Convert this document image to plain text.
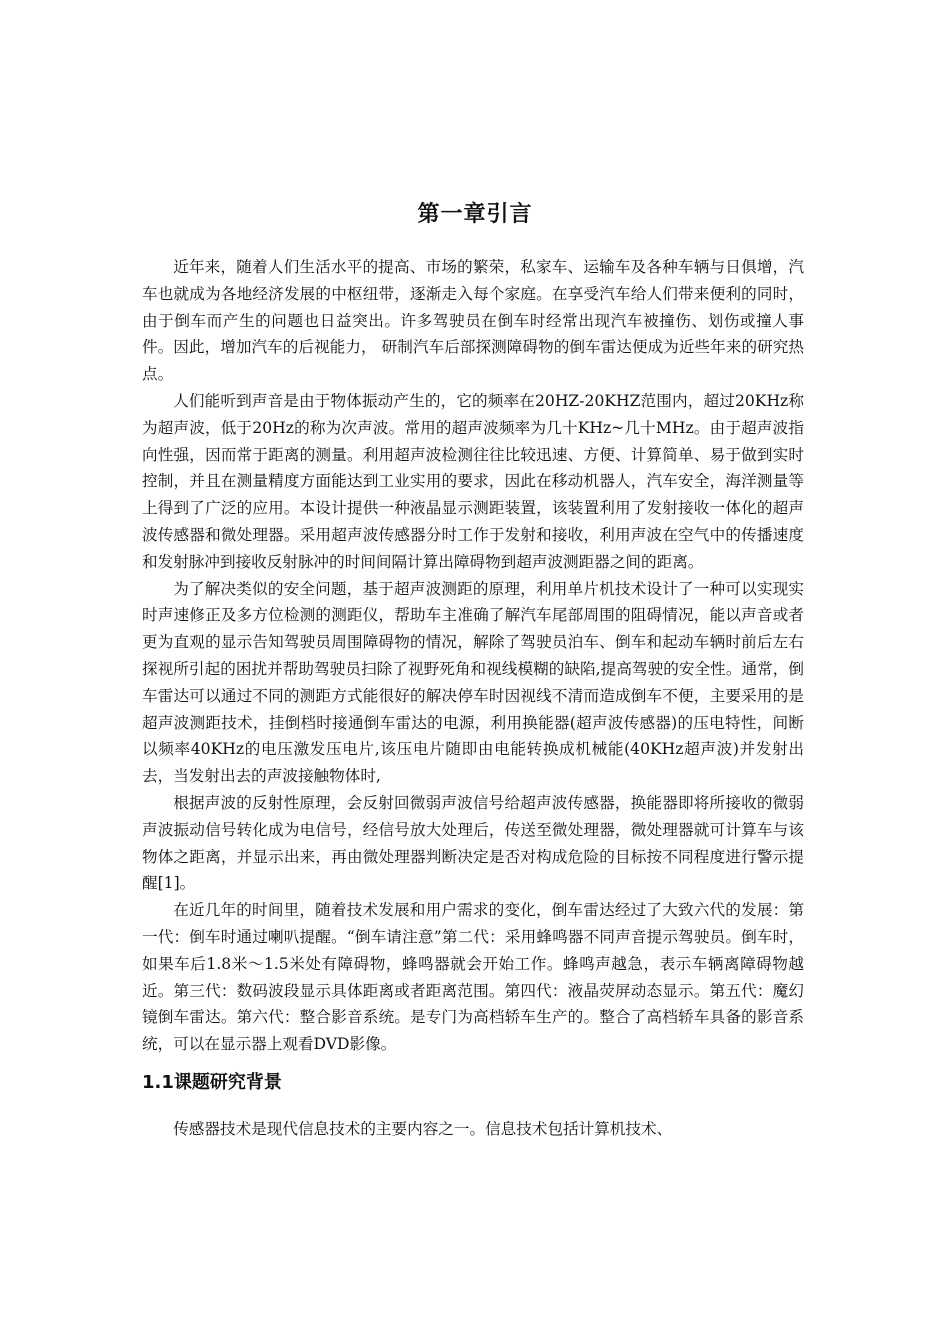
第一章引言

近年来，随着人们生活水平的提高、市场的繁荣，私家车、运输车及各种车辆与日俱增，汽车也就成为各地经济发展的中枢纽带，逐渐走入每个家庭。在享受汽车给人们带来便利的同时，由于倒车而产生的问题也日益突出。许多驾驶员在倒车时经常出现汽车被撞伤、划伤或撞人事件。因此，增加汽车的后视能力， 研制汽车后部探测障碍物的倒车雷达便成为近些年来的研究热点。

人们能听到声音是由于物体振动产生的，它的频率在20HZ-20KHZ范围内，超过20KHz称为超声波，低于20Hz的称为次声波。常用的超声波频率为几十KHz~几十MHz。由于超声波指向性强，因而常于距离的测量。利用超声波检测往往比较迅速、方便、计算简单、易于做到实时控制，并且在测量精度方面能达到工业实用的要求，因此在移动机器人，汽车安全，海洋测量等上得到了广泛的应用。本设计提供一种液晶显示测距装置，该装置利用了发射接收一体化的超声波传感器和微处理器。采用超声波传感器分时工作于发射和接收，利用声波在空气中的传播速度和发射脉冲到接收反射脉冲的时间间隔计算出障碍物到超声波测距器之间的距离。

为了解决类似的安全问题，基于超声波测距的原理，利用单片机技术设计了一种可以实现实时声速修正及多方位检测的测距仪，帮助车主准确了解汽车尾部周围的阻碍情况，能以声音或者更为直观的显示告知驾驶员周围障碍物的情况，解除了驾驶员泊车、倒车和起动车辆时前后左右探视所引起的困扰并帮助驾驶员扫除了视野死角和视线模糊的缺陷,提高驾驶的安全性。通常，倒车雷达可以通过不同的测距方式能很好的解决停车时因视线不清而造成倒车不便，主要采用的是超声波测距技术，挂倒档时接通倒车雷达的电源，利用换能器(超声波传感器)的压电特性，间断以频率40KHz的电压激发压电片,该压电片随即由电能转换成机械能(40KHz超声波)并发射出去，当发射出去的声波接触物体时,

根据声波的反射性原理，会反射回微弱声波信号给超声波传感器，换能器即将所接收的微弱声波振动信号转化成为电信号，经信号放大处理后，传送至微处理器，微处理器就可计算车与该物体之距离，并显示出来，再由微处理器判断决定是否对构成危险的目标按不同程度进行警示提醒[1]。

在近几年的时间里，随着技术发展和用户需求的变化，倒车雷达经过了大致六代的发展：第一代：倒车时通过喇叭提醒。“倒车请注意”第二代：采用蜂鸣器不同声音提示驾驶员。倒车时，如果车后1.8米～1.5米处有障碍物，蜂鸣器就会开始工作。蜂鸣声越急，表示车辆离障碍物越近。第三代：数码波段显示具体距离或者距离范围。第四代：液晶荧屏动态显示。第五代：魔幻镜倒车雷达。第六代：整合影音系统。是专门为高档轿车生产的。整合了高档轿车具备的影音系统，可以在显示器上观看DVD影像。

1.1课题研究背景

传感器技术是现代信息技术的主要内容之一。信息技术包括计算机技术、
